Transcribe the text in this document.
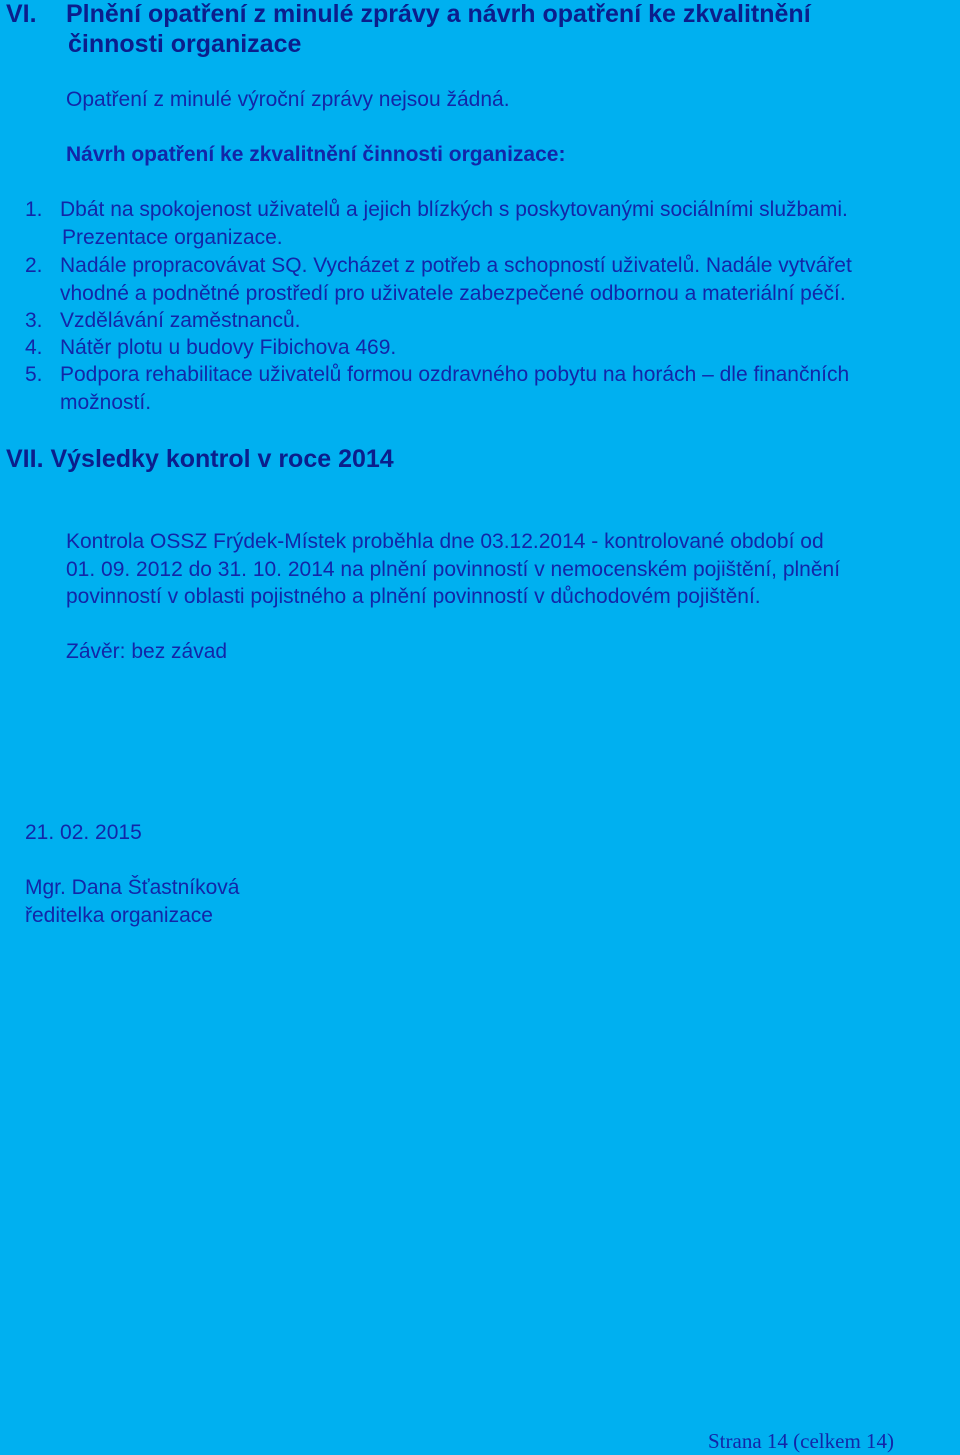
VI. Plnění opatření z minulé zprávy a návrh opatření ke zkvalitnění
činnosti organizace
Opatření z minulé výroční zprávy nejsou žádná.
Návrh opatření ke zkvalitnění činnosti organizace:
1. Dbát na spokojenost uživatelů a jejich blízkých s poskytovanými sociálními službami.
Prezentace organizace.
2. Nadále propracovávat SQ. Vycházet z potřeb a schopností uživatelů. Nadále vytvářet
vhodné a podnětné prostředí pro uživatele zabezpečené odbornou a materiální péčí.
3. Vzdělávání zaměstnanců.
4. Nátěr plotu u budovy Fibichova 469.
5. Podpora rehabilitace uživatelů formou ozdravného pobytu na horách – dle finančních
možností.
VII. Výsledky kontrol v roce 2014
Kontrola OSSZ Frýdek-Místek proběhla dne 03.12.2014 - kontrolované období od
01. 09. 2012 do 31. 10. 2014 na plnění povinností v nemocenském pojištění, plnění
povinností v oblasti pojistného a plnění povinností v důchodovém pojištění.
Závěr: bez závad
21. 02. 2015
Mgr. Dana Šťastníková
ředitelka organizace
Strana 14 (celkem 14)
